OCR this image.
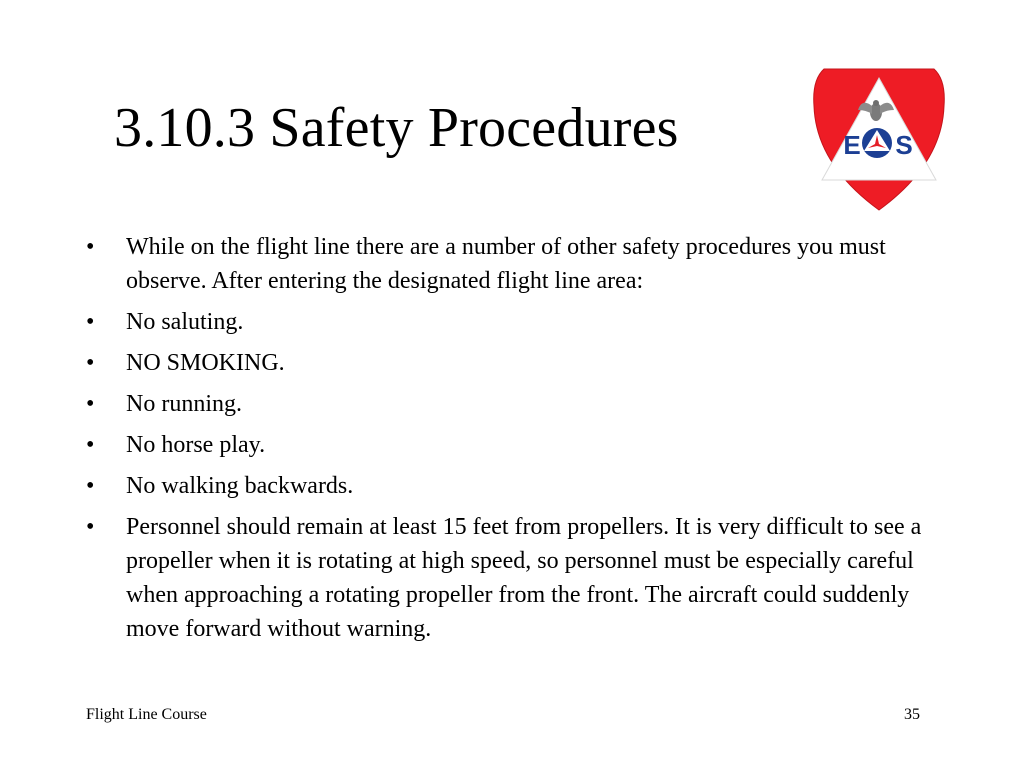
3.10.3 Safety Procedures	E S
•	While on the flight line there are a number of other safety procedures you must observe. After entering the designated flight line area:
•	No saluting.
•	NO SMOKING.
•	No running.
•	No horse play.
•	No walking backwards.
•	Personnel should remain at least 15 feet from propellers. It is very difficult to see a propeller when it is rotating at high speed, so personnel must be especially careful when approaching a rotating propeller from the front. The aircraft could suddenly move forward without warning.
Flight Line Course	35
